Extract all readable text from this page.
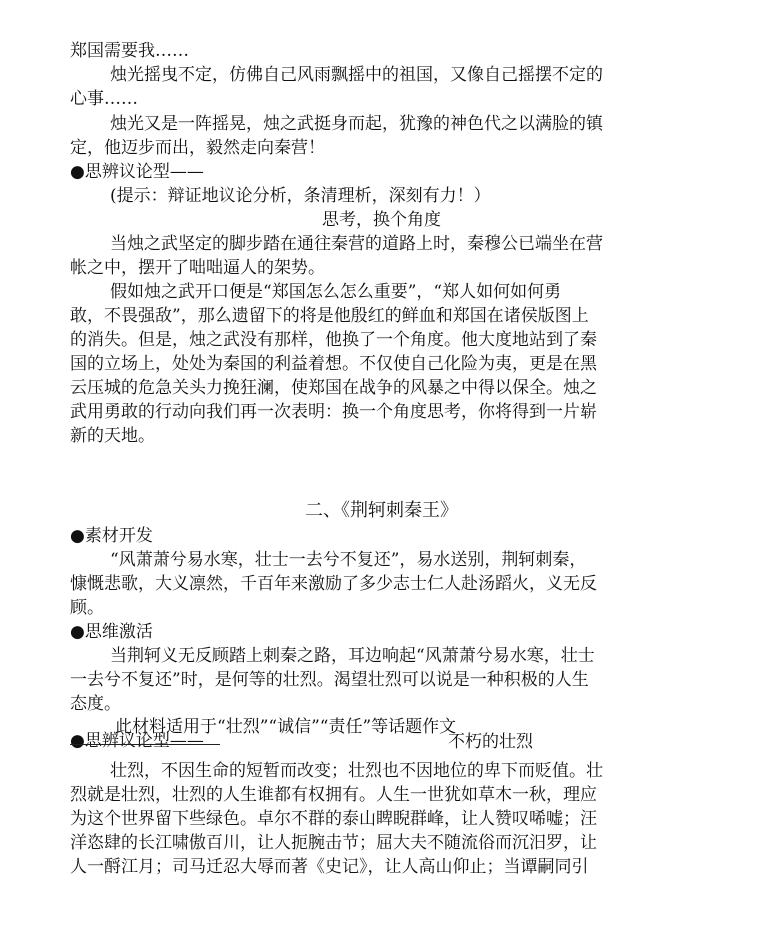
郑国需要我……
烛光摇曳不定，仿佛自己风雨飘摇中的祖国，又像自己摇摆不定的
心事……
烛光又是一阵摇晃，烛之武挺身而起，犹豫的神色代之以满脸的镇
定，他迈步而出，毅然走向秦营！
● 思辨议论型——
(提示：辩证地议论分析，条清理析，深刻有力！）
思考，换个角度
当烛之武坚定的脚步踏在通往秦营的道路上时，秦穆公已端坐在营
帐之中，摆开了咄咄逼人的架势。
假如烛之武开口便是“郑国怎么怎么重要”，“郑人如何如何勇
敢，不畏强敌”，那么遗留下的将是他殷红的鲜血和郑国在诸侯版图上
的消失。但是，烛之武没有那样，他换了一个角度。他大度地站到了秦
国的立场上，处处为秦国的利益着想。不仅使自己化险为夷，更是在黑
云压城的危急关头力挽狂澜，使郑国在战争的风暴之中得以保全。烛之
武用勇敢的行动向我们再一次表明：换一个角度思考，你将得到一片崭
新的天地。
二、《荆轲刺秦王》
● 素材开发
“风萧萧兮易水寒，壮士一去兮不复还”，易水送别，荆轲刺秦，
慷慨悲歌，大义凛然，千百年来激励了多少志士仁人赴汤蹈火，义无反
顾。
● 思维激活
当荆轲义无反顾踏上刺秦之路，耳边响起“风萧萧兮易水寒，壮士
一去兮不复还”时，是何等的壮烈。渴望壮烈可以说是一种积极的人生
态度。
此材料适用于“壮烈”“诚信”“责任”等话题作文
● 思辨议论型——	不朽的壮烈
壮烈，不因生命的短暂而改变；壮烈也不因地位的卑下而贬值。壮
烈就是壮烈，壮烈的人生谁都有权拥有。人生一世犹如草木一秋，理应
为这个世界留下些绿色。卓尔不群的泰山睥睨群峰，让人赞叹唏嘘；汪
洋恣肆的长江啸傲百川，让人扼腕击节；屈大夫不随流俗而沉汨罗，让
人一酹江月；司马迁忍大辱而著《史记》，让人高山仰止；当谭嗣同引
